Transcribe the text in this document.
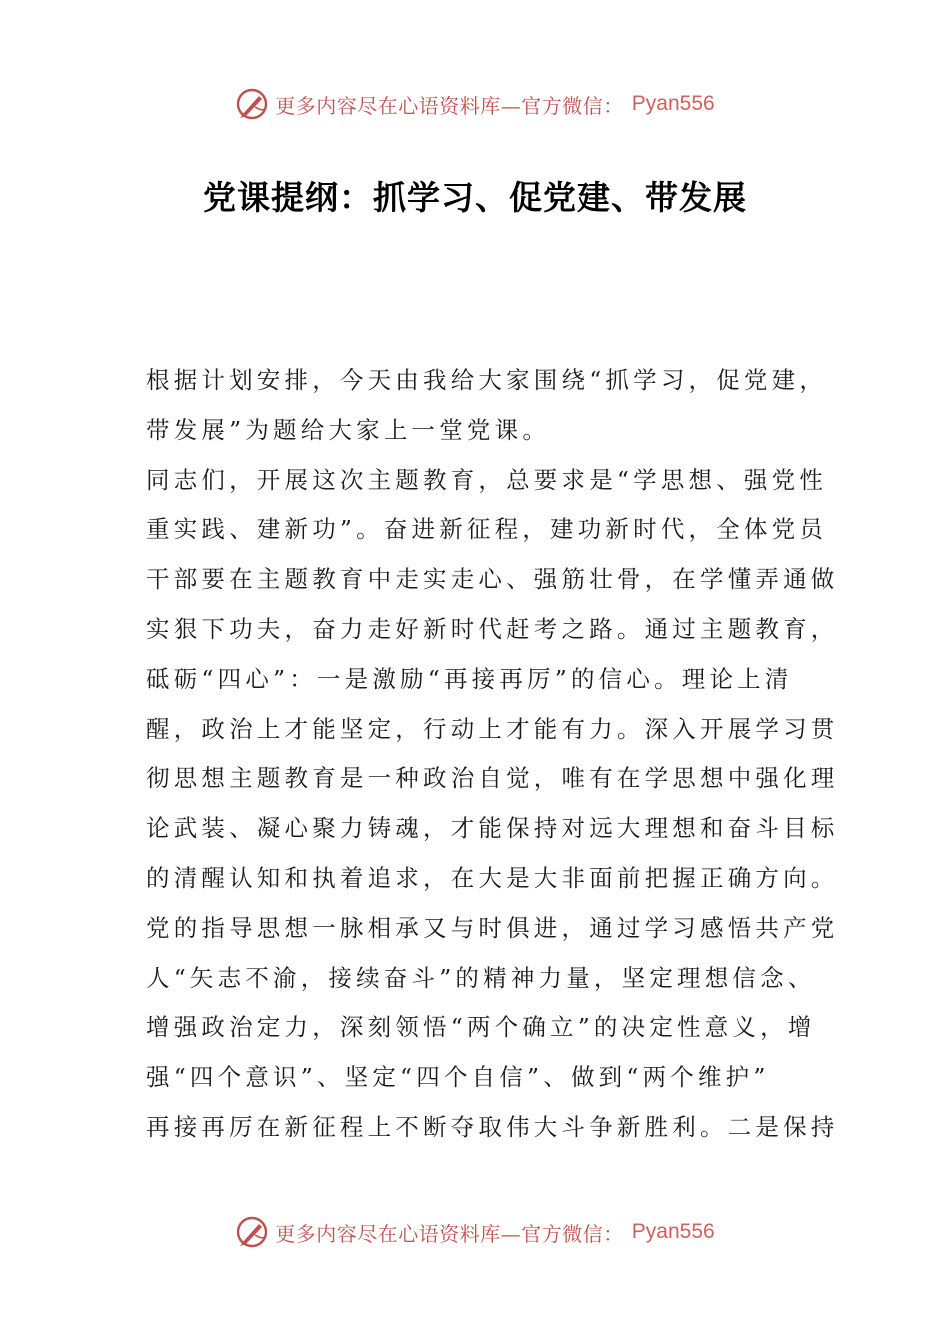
更多内容尽在心语资料库—官方微信： Pyan556
党课提纲：抓学习、促党建、带发展
根据计划安排，今天由我给大家围绕“抓学习，促党建，
带发展”为题给大家上一堂党课。
同志们，开展这次主题教育，总要求是“学思想、强党性
重实践、建新功”。奋进新征程，建功新时代，全体党员
干部要在主题教育中走实走心、强筋壮骨，在学懂弄通做
实狠下功夫，奋力走好新时代赶考之路。通过主题教育，
砥砺“四心”：一是激励“再接再厉”的信心。理论上清
醒，政治上才能坚定，行动上才能有力。深入开展学习贯
彻思想主题教育是一种政治自觉，唯有在学思想中强化理
论武装、凝心聚力铸魂，才能保持对远大理想和奋斗目标
的清醒认知和执着追求，在大是大非面前把握正确方向。
党的指导思想一脉相承又与时俱进，通过学习感悟共产党
人“矢志不渝，接续奋斗”的精神力量，坚定理想信念、
增强政治定力，深刻领悟“两个确立”的决定性意义，增
强“四个意识”、坚定“四个自信”、做到“两个维护”
再接再厉在新征程上不断夺取伟大斗争新胜利。二是保持
更多内容尽在心语资料库—官方微信： Pyan556
